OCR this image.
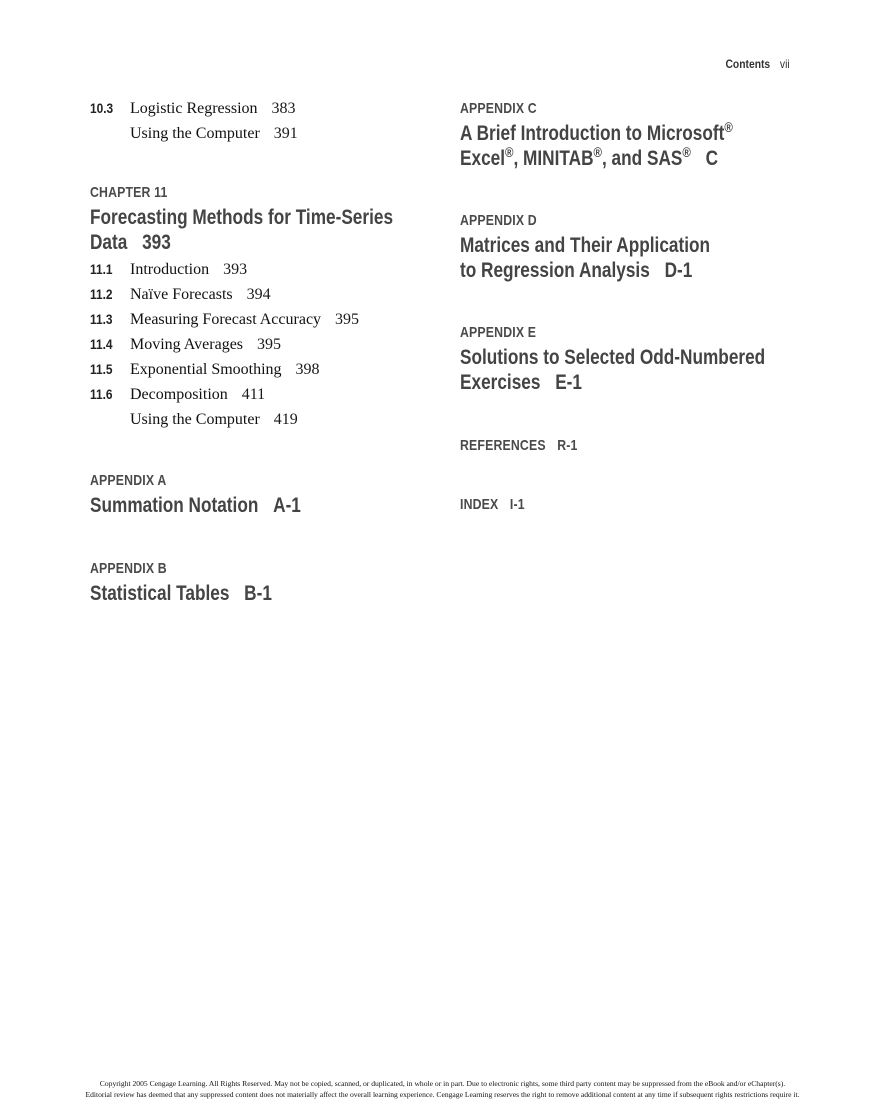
Contents vii
10.3	Logistic Regression 383
Using the Computer 391
CHAPTER 11
Forecasting Methods for Time-Series
Data 393
11.1	Introduction 393
11.2	Naïve Forecasts 394
11.3	Measuring Forecast Accuracy 395
11.4	Moving Averages 395
11.5	Exponential Smoothing 398
11.6	Decomposition 411
Using the Computer 419
APPENDIX A
Summation Notation A-1
APPENDIX B
Statistical Tables B-1
APPENDIX C
A Brief Introduction to Microsoft®
Excel®, MINITAB®, and SAS® C
APPENDIX D
Matrices and Their Application
to Regression Analysis D-1
APPENDIX E
Solutions to Selected Odd-Numbered
Exercises E-1
REFERENCES R-1
INDEX I-1
Copyright 2005 Cengage Learning. All Rights Reserved. May not be copied, scanned, or duplicated, in whole or in part. Due to electronic rights, some third party content may be suppressed from the eBook and/or eChapter(s).
Editorial review has deemed that any suppressed content does not materially affect the overall learning experience. Cengage Learning reserves the right to remove additional content at any time if subsequent rights restrictions require it.
